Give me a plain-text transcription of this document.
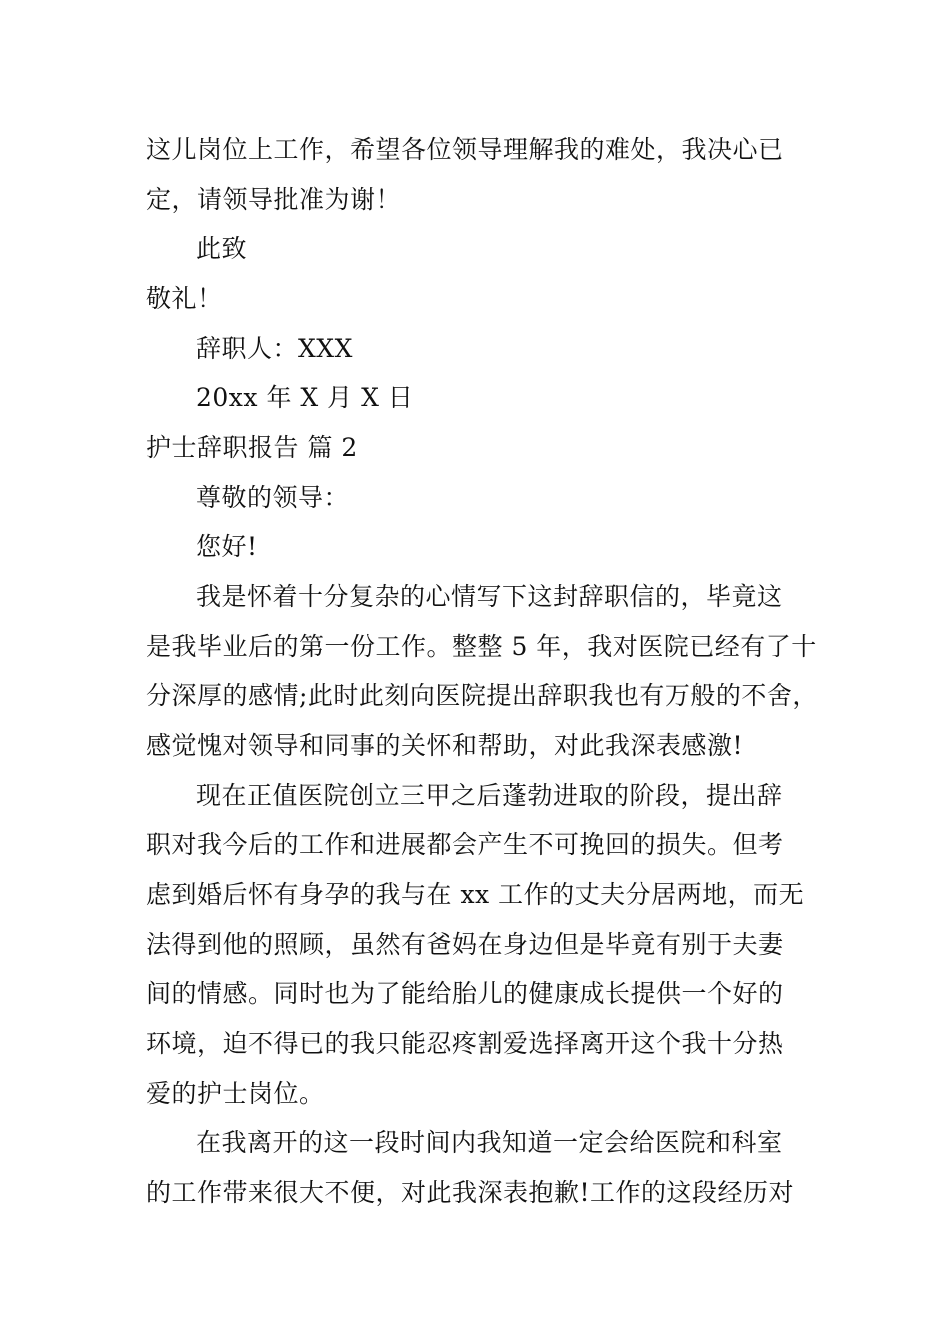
这儿岗位上工作，希望各位领导理解我的难处，我决心已
定，请领导批准为谢！
此致
敬礼！
辞职人：XXX
20xx 年 X 月 X 日
护士辞职报告 篇 2
尊敬的领导：
您好!
我是怀着十分复杂的心情写下这封辞职信的，毕竟这
是我毕业后的第一份工作。整整 5 年，我对医院已经有了十
分深厚的感情;此时此刻向医院提出辞职我也有万般的不舍，
感觉愧对领导和同事的关怀和帮助，对此我深表感激!
现在正值医院创立三甲之后蓬勃进取的阶段，提出辞
职对我今后的工作和进展都会产生不可挽回的损失。但考
虑到婚后怀有身孕的我与在 xx 工作的丈夫分居两地，而无
法得到他的照顾，虽然有爸妈在身边但是毕竟有别于夫妻
间的情感。同时也为了能给胎儿的健康成长提供一个好的
环境，迫不得已的我只能忍疼割爱选择离开这个我十分热
爱的护士岗位。
在我离开的这一段时间内我知道一定会给医院和科室
的工作带来很大不便，对此我深表抱歉!工作的这段经历对
